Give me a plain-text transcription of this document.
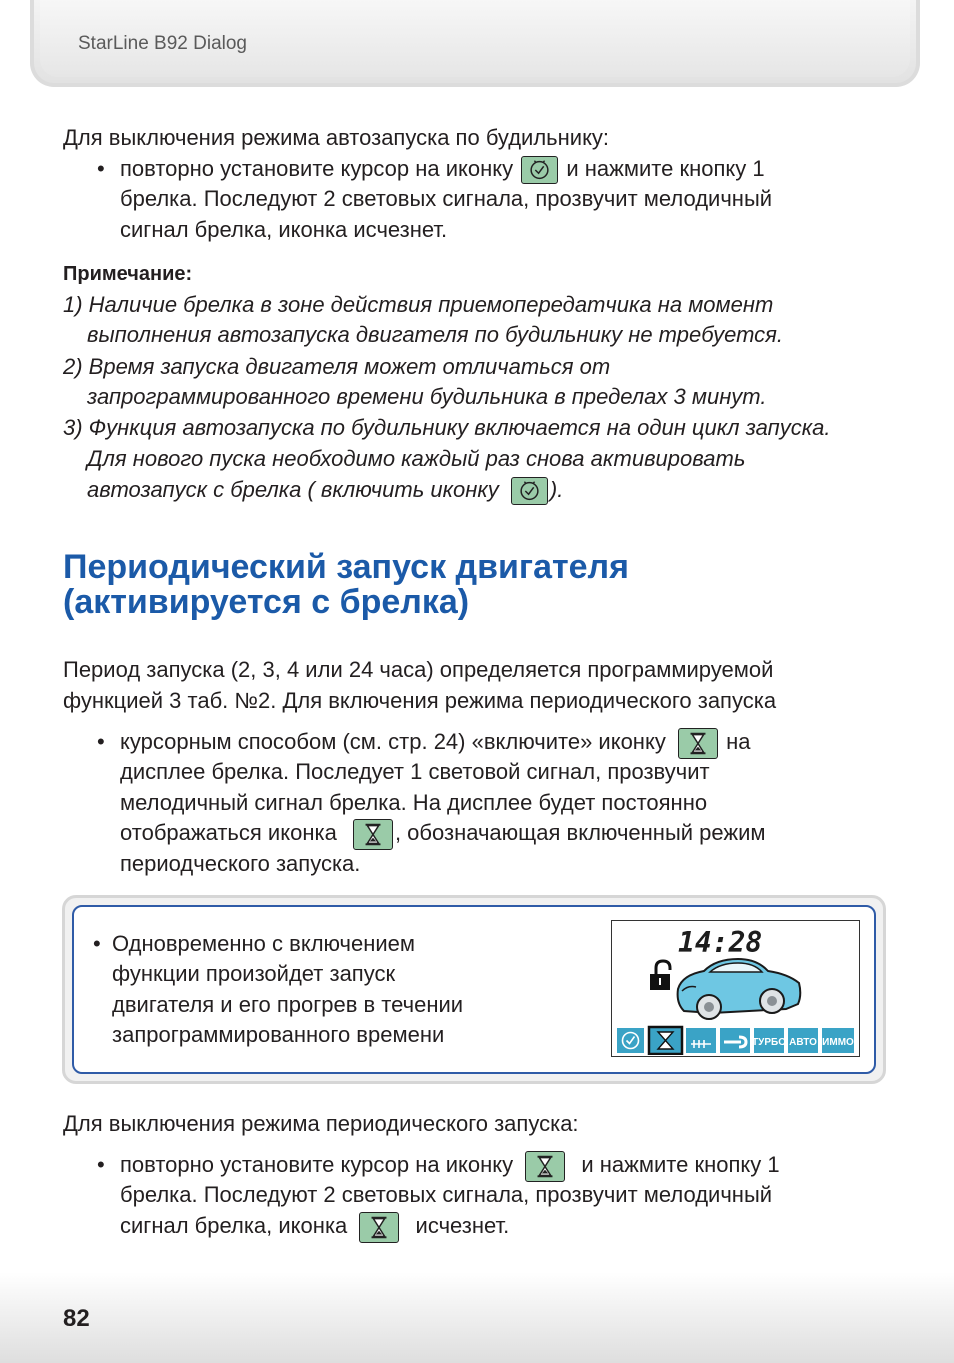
StarLine B92 Dialog
Для выключения режима автозапуска по будильнику:
• повторно установите курсор на иконку и нажмите кнопку 1
брелка. Последуют 2 световых сигнала, прозвучит мелодичный
сигнал брелка, иконка исчезнет.
Примечание:
1) Наличие брелка в зоне действия приемопередатчика на момент
выполнения автозапуска двигателя по будильнику не требуется.
2) Время запуска двигателя может отличаться от
запрограммированного времени будильника в пределах 3 минут.
3) Функция автозапуска по будильнику включается на один цикл запуска.
Для нового пуска необходимо каждый раз снова активировать
автозапуск с брелка ( включить иконку ).
Периодический запуск двигателя
(активируется с брелка)
Период запуска (2, 3, 4 или 24 часа) определяется программируемой
функцией 3 таб. №2. Для включения режима периодического запуска
• курсорным способом (см. стр. 24) «включите» иконку	на
дисплее брелка. Последует 1 световой сигнал, прозвучит
мелодичный сигнал брелка. На дисплее будет постоянно
отображаться иконка	, обозначающая включенный режим
периодческого запуска.
• Одновременно с включением
функции произойдет запуск
двигателя и его прогрев в течении
запрограммированного времени
14:28
ТУРБО АВТО ИММО
Для выключения режима периодического запуска:
• повторно установите курсор на иконку	и нажмите кнопку 1
брелка. Последуют 2 световых сигнала, прозвучит мелодичный
сигнал брелка, иконка	исчезнет.
82
